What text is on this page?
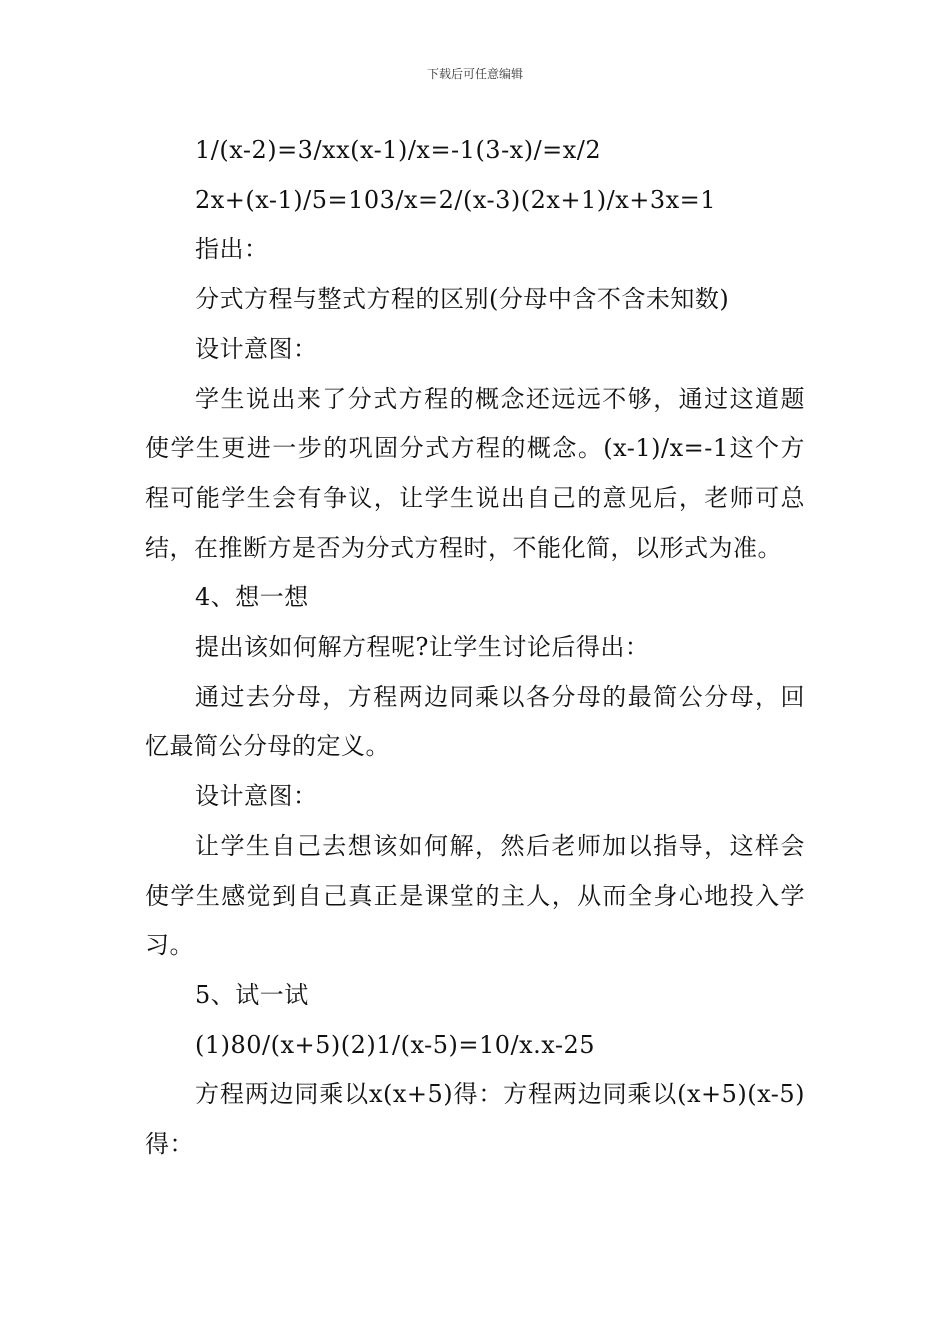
下载后可任意编辑

1/(x-2)=3/xx(x-1)/x=-1(3-x)/=x/2

2x+(x-1)/5=103/x=2/(x-3)(2x+1)/x+3x=1

指出：

分式方程与整式方程的区别(分母中含不含未知数)

设计意图：

学生说出来了分式方程的概念还远远不够，通过这道题使学生更进一步的巩固分式方程的概念。(x-1)/x=-1这个方程可能学生会有争议，让学生说出自己的意见后，老师可总结，在推断方是否为分式方程时，不能化简，以形式为准。

4、想一想

提出该如何解方程呢?让学生讨论后得出：

通过去分母，方程两边同乘以各分母的最简公分母，回忆最简公分母的定义。

设计意图：

让学生自己去想该如何解，然后老师加以指导，这样会使学生感觉到自己真正是课堂的主人，从而全身心地投入学习。

5、试一试

(1)80/(x+5)(2)1/(x-5)=10/x.x-25

方程两边同乘以x(x+5)得：方程两边同乘以(x+5)(x-5)得：
